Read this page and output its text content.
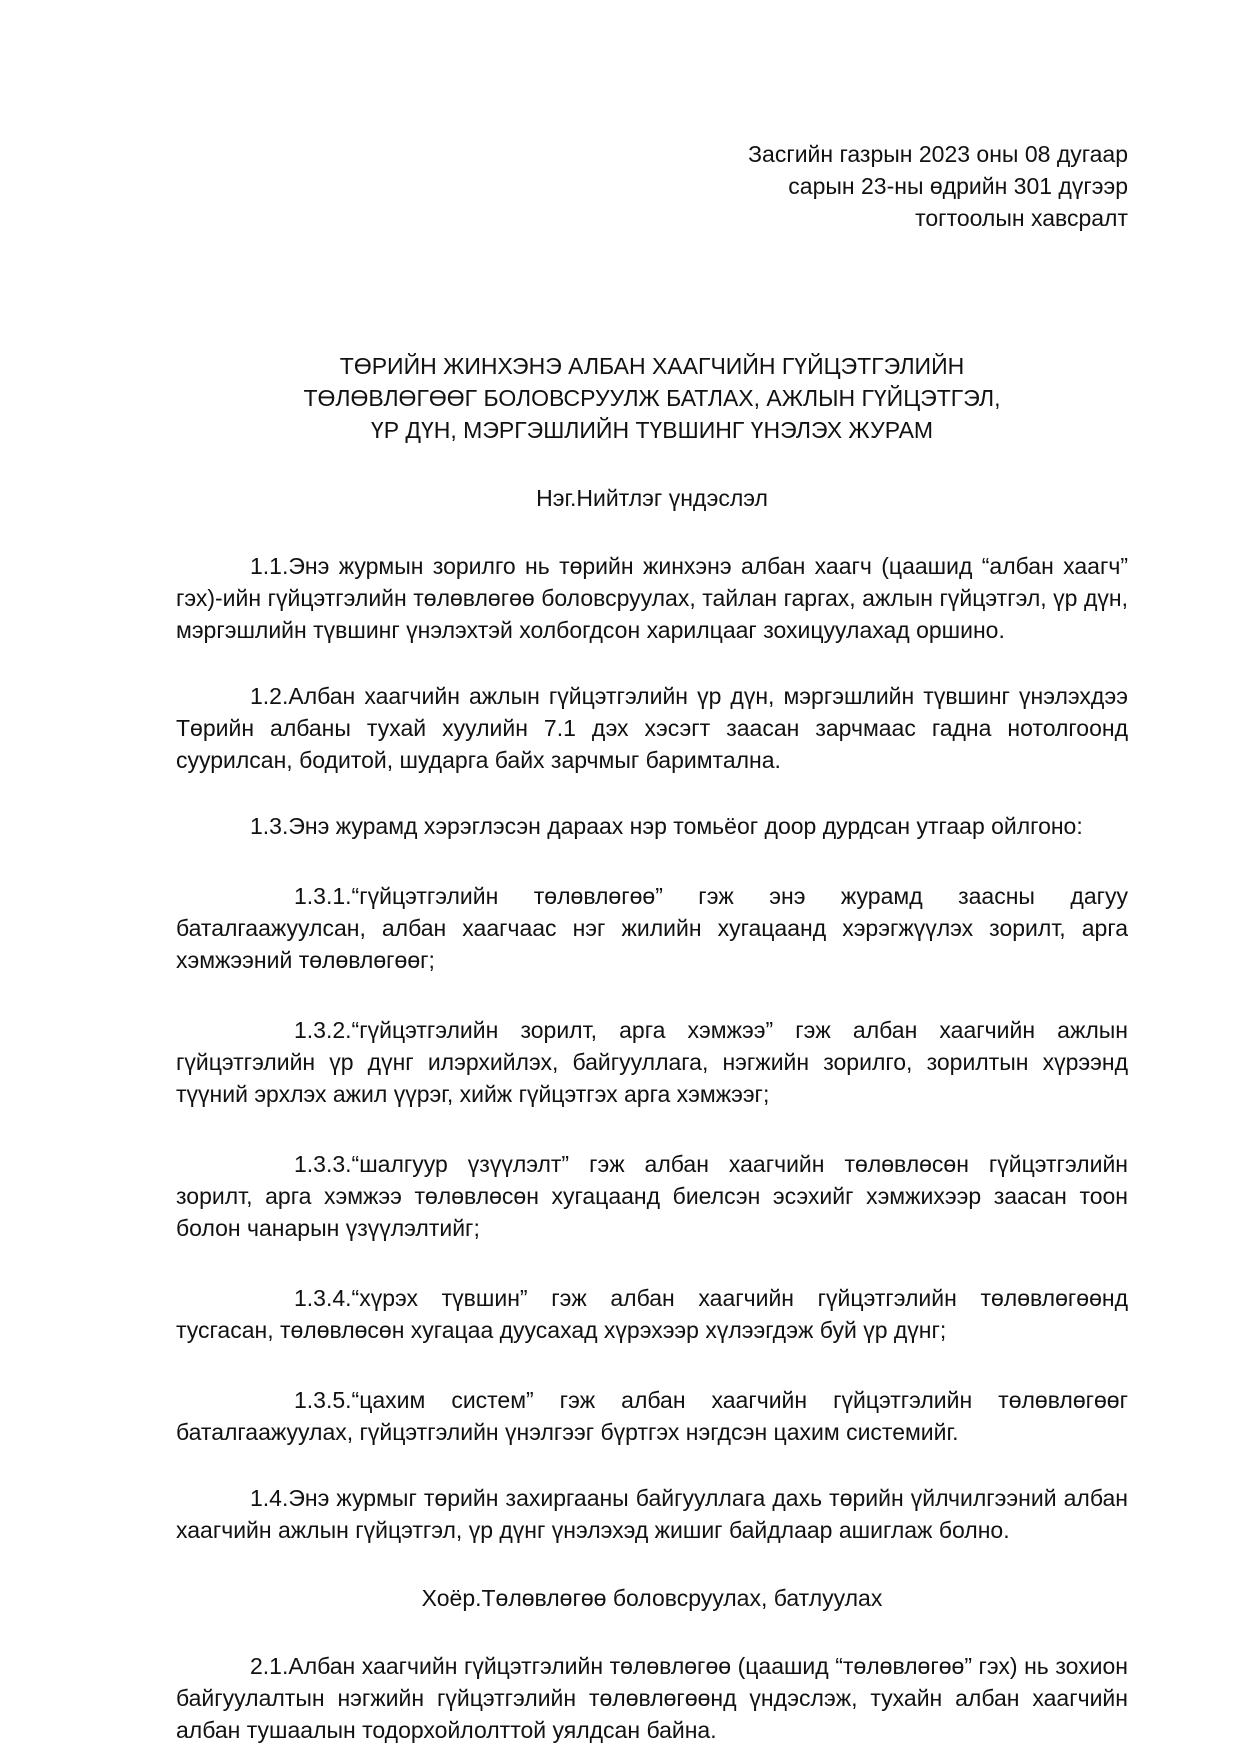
Засгийн газрын 2023 оны 08 дугаар
сарын 23-ны өдрийн 301 дүгээр
тогтоолын хавсралт
ТӨРИЙН ЖИНХЭНЭ АЛБАН ХААГЧИЙН ГҮЙЦЭТГЭЛИЙН
ТӨЛӨВЛӨГӨӨГ БОЛОВСРУУЛЖ БАТЛАХ, АЖЛЫН ГҮЙЦЭТГЭЛ,
ҮР ДҮН, МЭРГЭШЛИЙН ТҮВШИНГ ҮНЭЛЭХ ЖУРАМ
Нэг.Нийтлэг үндэслэл

1.1.Энэ журмын зорилго нь төрийн жинхэнэ албан хаагч (цаашид “албан хаагч” гэх)-ийн гүйцэтгэлийн төлөвлөгөө боловсруулах, тайлан гаргах, ажлын гүйцэтгэл, үр дүн, мэргэшлийн түвшинг үнэлэхтэй холбогдсон харилцааг зохицуулахад оршино.

1.2.Албан хаагчийн ажлын гүйцэтгэлийн үр дүн, мэргэшлийн түвшинг үнэлэхдээ Төрийн албаны тухай хуулийн 7.1 дэх хэсэгт заасан зарчмаас гадна нотолгоонд суурилсан, бодитой, шударга байх зарчмыг баримтална.

1.3.Энэ журамд хэрэглэсэн дараах нэр томьёог доор дурдсан утгаар ойлгоно:

1.3.1.“гүйцэтгэлийн төлөвлөгөө” гэж энэ журамд заасны дагуу баталгаажуулсан, албан хаагчаас нэг жилийн хугацаанд хэрэгжүүлэх зорилт, арга хэмжээний төлөвлөгөөг;

1.3.2.“гүйцэтгэлийн зорилт, арга хэмжээ” гэж албан хаагчийн ажлын гүйцэтгэлийн үр дүнг илэрхийлэх, байгууллага, нэгжийн зорилго, зорилтын хүрээнд түүний эрхлэх ажил үүрэг, хийж гүйцэтгэх арга хэмжээг;

1.3.3.“шалгуур үзүүлэлт” гэж албан хаагчийн төлөвлөсөн гүйцэтгэлийн зорилт, арга хэмжээ төлөвлөсөн хугацаанд биелсэн эсэхийг хэмжихээр заасан тоон болон чанарын үзүүлэлтийг;

1.3.4.“хүрэх түвшин” гэж албан хаагчийн гүйцэтгэлийн төлөвлөгөөнд тусгасан, төлөвлөсөн хугацаа дуусахад хүрэхээр хүлээгдэж буй үр дүнг;

1.3.5.“цахим систем” гэж албан хаагчийн гүйцэтгэлийн төлөвлөгөөг баталгаажуулах, гүйцэтгэлийн үнэлгээг бүртгэх нэгдсэн цахим системийг.

1.4.Энэ журмыг төрийн захиргааны байгууллага дахь төрийн үйлчилгээний албан хаагчийн ажлын гүйцэтгэл, үр дүнг үнэлэхэд жишиг байдлаар ашиглаж болно.

Хоёр.Төлөвлөгөө боловсруулах, батлуулах

2.1.Албан хаагчийн гүйцэтгэлийн төлөвлөгөө (цаашид “төлөвлөгөө” гэх) нь зохион байгуулалтын нэгжийн гүйцэтгэлийн төлөвлөгөөнд үндэслэж, тухайн албан хаагчийн албан тушаалын тодорхойлолттой уялдсан байна.
